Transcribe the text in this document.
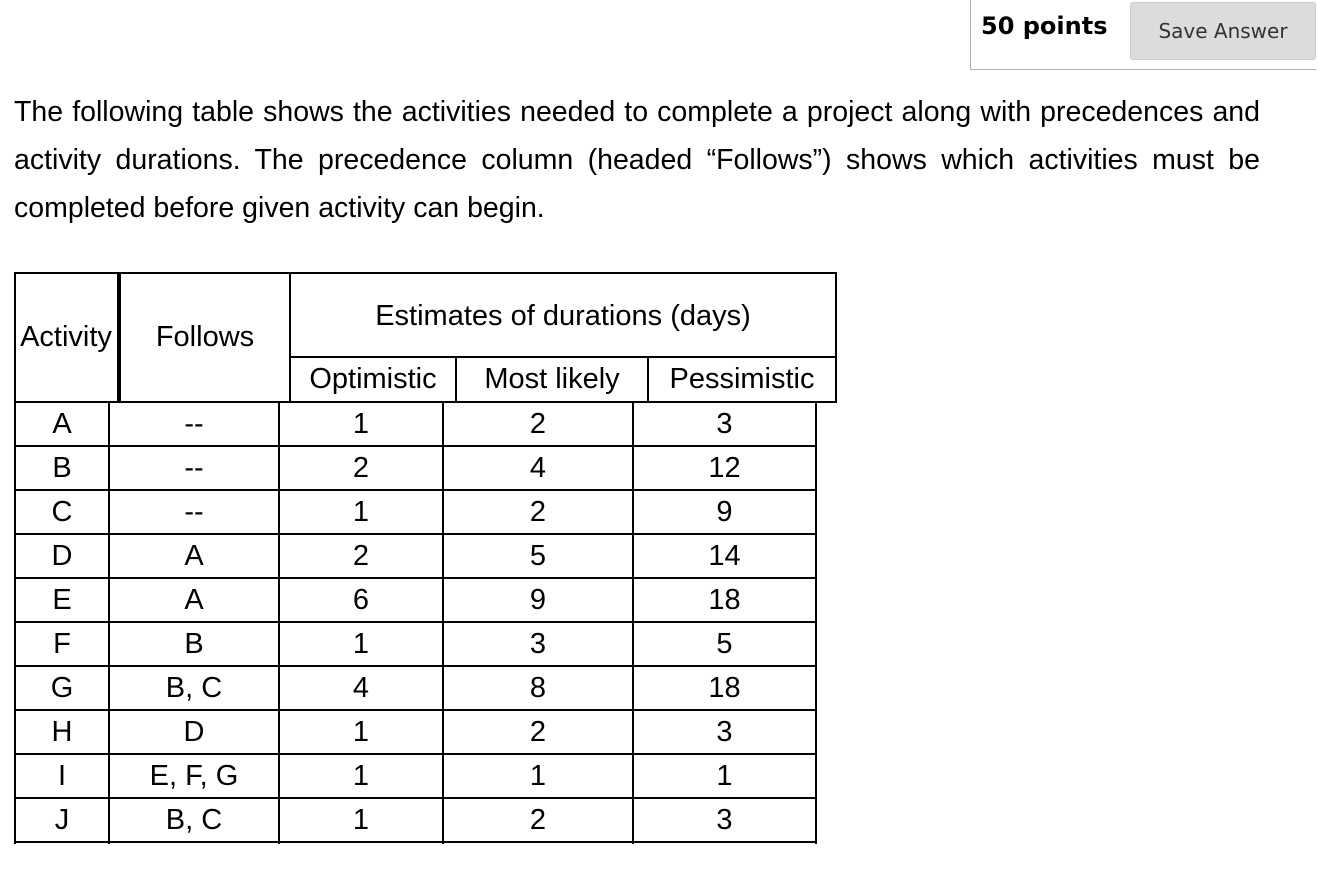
50 points	Save Answer

The following table shows the activities needed to complete a project along with precedences and activity durations. The precedence column (headed “Follows”) shows which activities must be completed before given activity can begin.

Activity	Follows
Estimates of durations (days)
Optimistic	Most likely	Pessimistic
A	--	1	2	3
B	--	2	4	12
C	--	1	2	9
D	A	2	5	14
E	A	6	9	18
F	B	1	3	5
G	B, C	4	8	18
H	D	1	2	3
I	E, F, G	1	1	1
J	B, C	1	2	3
